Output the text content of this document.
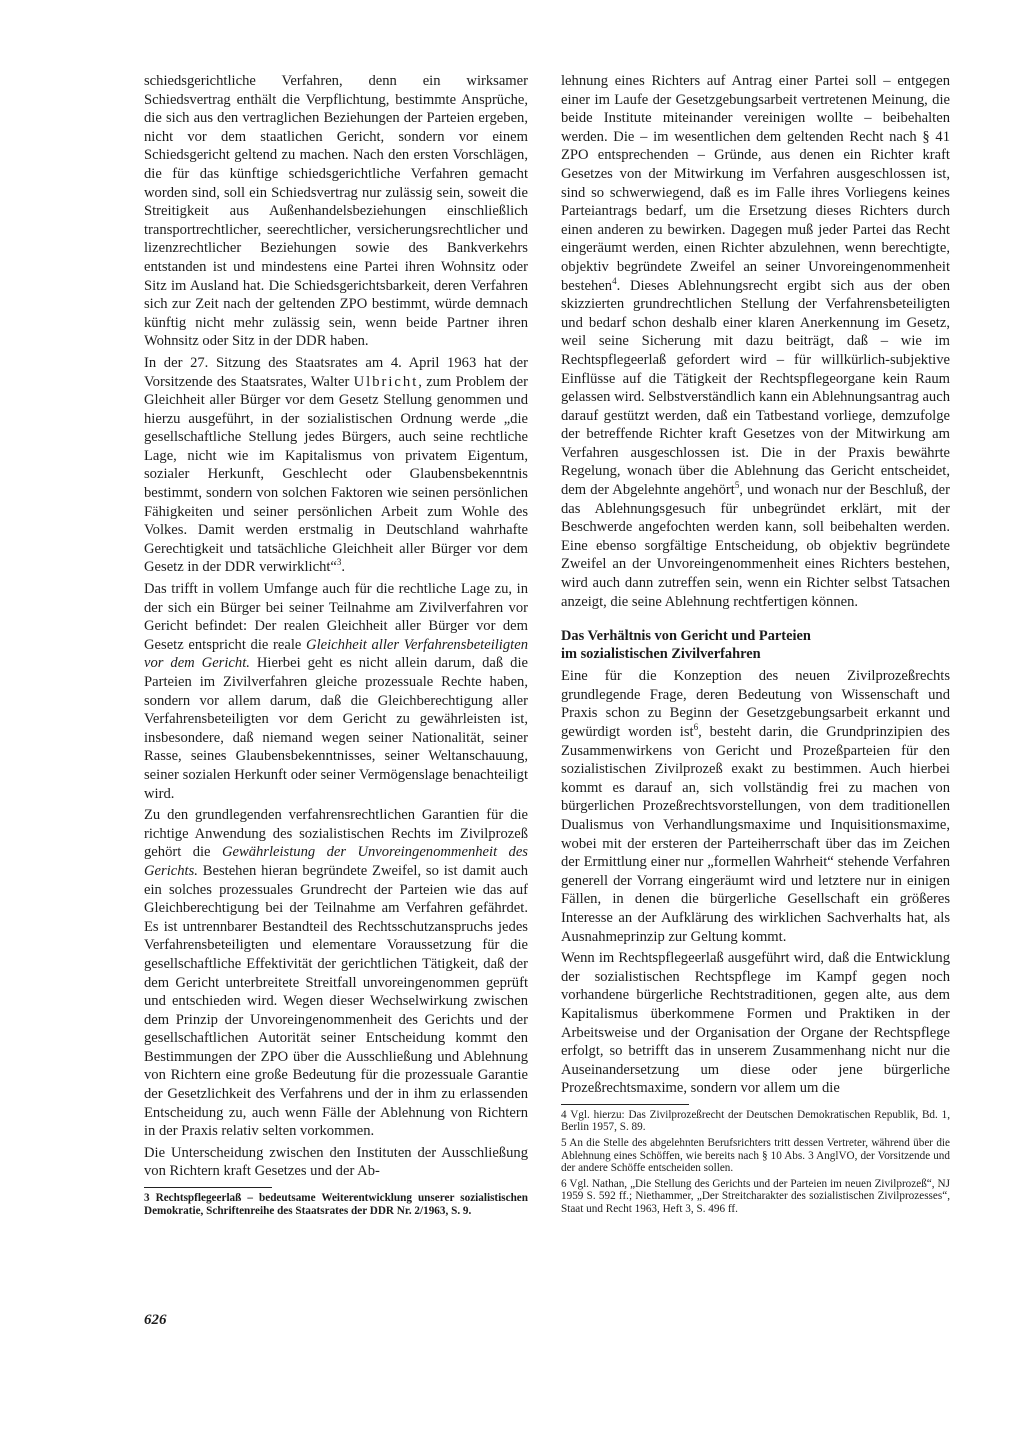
schiedsgerichtliche Verfahren, denn ein wirksamer Schiedsvertrag enthält die Verpflichtung, bestimmte Ansprüche, die sich aus den vertraglichen Beziehungen der Parteien ergeben, nicht vor dem staatlichen Gericht, sondern vor einem Schiedsgericht geltend zu machen. Nach den ersten Vorschlägen, die für das künftige schiedsgerichtliche Verfahren gemacht worden sind, soll ein Schiedsvertrag nur zulässig sein, soweit die Streitigkeit aus Außenhandelsbeziehungen einschließlich transportrechtlicher, seerechtlicher, versicherungsrechtlicher und lizenzrechtlicher Beziehungen sowie des Bankverkehrs entstanden ist und mindestens eine Partei ihren Wohnsitz oder Sitz im Ausland hat. Die Schiedsgerichtsbarkeit, deren Verfahren sich zur Zeit nach der geltenden ZPO bestimmt, würde demnach künftig nicht mehr zulässig sein, wenn beide Partner ihren Wohnsitz oder Sitz in der DDR haben.

In der 27. Sitzung des Staatsrates am 4. April 1963 hat der Vorsitzende des Staatsrates, Walter Ulbricht, zum Problem der Gleichheit aller Bürger vor dem Gesetz Stellung genommen und hierzu ausgeführt, in der sozialistischen Ordnung werde „die gesellschaftliche Stellung jedes Bürgers, auch seine rechtliche Lage, nicht wie im Kapitalismus von privatem Eigentum, sozialer Herkunft, Geschlecht oder Glaubensbekenntnis bestimmt, sondern von solchen Faktoren wie seinen persönlichen Fähigkeiten und seiner persönlichen Arbeit zum Wohle des Volkes. Damit werden erstmalig in Deutschland wahrhafte Gerechtigkeit und tatsächliche Gleichheit aller Bürger vor dem Gesetz in der DDR verwirklicht“$^3$.

Das trifft in vollem Umfange auch für die rechtliche Lage zu, in der sich ein Bürger bei seiner Teilnahme am Zivilverfahren vor Gericht befindet: Der realen Gleichheit aller Bürger vor dem Gesetz entspricht die reale Gleichheit aller Verfahrensbeteiligten vor dem Gericht. Hierbei geht es nicht allein darum, daß die Parteien im Zivilverfahren gleiche prozessuale Rechte haben, sondern vor allem darum, daß die Gleichberechtigung aller Verfahrensbeteiligten vor dem Gericht zu gewährleisten ist, insbesondere, daß niemand wegen seiner Nationalität, seiner Rasse, seines Glaubensbekenntnisses, seiner Weltanschauung, seiner sozialen Herkunft oder seiner Vermögenslage benachteiligt wird.

Zu den grundlegenden verfahrensrechtlichen Garantien für die richtige Anwendung des sozialistischen Rechts im Zivilprozeß gehört die Gewährleistung der Unvoreingenommenheit des Gerichts. Bestehen hieran begründete Zweifel, so ist damit auch ein solches prozessuales Grundrecht der Parteien wie das auf Gleichberechtigung bei der Teilnahme am Verfahren gefährdet. Es ist untrennbarer Bestandteil des Rechtsschutzanspruchs jedes Verfahrensbeteiligten und elementare Voraussetzung für die gesellschaftliche Effektivität der gerichtlichen Tätigkeit, daß der dem Gericht unterbreitete Streitfall unvoreingenommen geprüft und entschieden wird. Wegen dieser Wechselwirkung zwischen dem Prinzip der Unvoreingenommenheit des Gerichts und der gesellschaftlichen Autorität seiner Entscheidung kommt den Bestimmungen der ZPO über die Ausschließung und Ablehnung von Richtern eine große Bedeutung für die prozessuale Garantie der Gesetzlichkeit des Verfahrens und der in ihm zu erlassenden Entscheidung zu, auch wenn Fälle der Ablehnung von Richtern in der Praxis relativ selten vorkommen.

Die Unterscheidung zwischen den Instituten der Ausschließung von Richtern kraft Gesetzes und der Ab-

3 Rechtspflegeerlaß – bedeutsame Weiterentwicklung unserer sozialistischen Demokratie, Schriftenreihe des Staatsrates der DDR Nr. 2/1963, S. 9.

lehnung eines Richters auf Antrag einer Partei soll – entgegen einer im Laufe der Gesetzgebungsarbeit vertretenen Meinung, die beide Institute miteinander vereinigen wollte – beibehalten werden. Die – im wesentlichen dem geltenden Recht nach § 41 ZPO entsprechenden – Gründe, aus denen ein Richter kraft Gesetzes von der Mitwirkung im Verfahren ausgeschlossen ist, sind so schwerwiegend, daß es im Falle ihres Vorliegens keines Parteiantrags bedarf, um die Ersetzung dieses Richters durch einen anderen zu bewirken. Dagegen muß jeder Partei das Recht eingeräumt werden, einen Richter abzulehnen, wenn berechtigte, objektiv begründete Zweifel an seiner Unvoreingenommenheit bestehen$^4$. Dieses Ablehnungsrecht ergibt sich aus der oben skizzierten grundrechtlichen Stellung der Verfahrensbeteiligten und bedarf schon deshalb einer klaren Anerkennung im Gesetz, weil seine Sicherung mit dazu beiträgt, daß – wie im Rechtspflegeerlaß gefordert wird – für willkürlich-subjektive Einflüsse auf die Tätigkeit der Rechtspflegeorgane kein Raum gelassen wird. Selbstverständlich kann ein Ablehnungsantrag auch darauf gestützt werden, daß ein Tatbestand vorliege, demzufolge der betreffende Richter kraft Gesetzes von der Mitwirkung am Verfahren ausgeschlossen ist. Die in der Praxis bewährte Regelung, wonach über die Ablehnung das Gericht entscheidet, dem der Abgelehnte angehört$^5$, und wonach nur der Beschluß, der das Ablehnungsgesuch für unbegründet erklärt, mit der Beschwerde angefochten werden kann, soll beibehalten werden. Eine ebenso sorgfältige Entscheidung, ob objektiv begründete Zweifel an der Unvoreingenommenheit eines Richters bestehen, wird auch dann zutreffen sein, wenn ein Richter selbst Tatsachen anzeigt, die seine Ablehnung rechtfertigen können.

Das Verhältnis von Gericht und Parteien
im sozialistischen Zivilverfahren

Eine für die Konzeption des neuen Zivilprozeßrechts grundlegende Frage, deren Bedeutung von Wissenschaft und Praxis schon zu Beginn der Gesetzgebungsarbeit erkannt und gewürdigt worden ist$^6$, besteht darin, die Grundprinzipien des Zusammenwirkens von Gericht und Prozeßparteien für den sozialistischen Zivilprozeß exakt zu bestimmen. Auch hierbei kommt es darauf an, sich vollständig frei zu machen von bürgerlichen Prozeßrechtsvorstellungen, von dem traditionellen Dualismus von Verhandlungsmaxime und Inquisitionsmaxime, wobei mit der ersteren der Parteiherrschaft über das im Zeichen der Ermittlung einer nur „formellen Wahrheit“ stehende Verfahren generell der Vorrang eingeräumt wird und letztere nur in einigen Fällen, in denen die bürgerliche Gesellschaft ein größeres Interesse an der Aufklärung des wirklichen Sachverhalts hat, als Ausnahmeprinzip zur Geltung kommt.

Wenn im Rechtspflegeerlaß ausgeführt wird, daß die Entwicklung der sozialistischen Rechtspflege im Kampf gegen noch vorhandene bürgerliche Rechtstraditionen, gegen alte, aus dem Kapitalismus überkommene Formen und Praktiken in der Arbeitsweise und der Organisation der Organe der Rechtspflege erfolgt, so betrifft das in unserem Zusammenhang nicht nur die Auseinandersetzung um diese oder jene bürgerliche Prozeßrechtsmaxime, sondern vor allem um die

4 Vgl. hierzu: Das Zivilprozeßrecht der Deutschen Demokratischen Republik, Bd. 1, Berlin 1957, S. 89.

5 An die Stelle des abgelehnten Berufsrichters tritt dessen Vertreter, während über die Ablehnung eines Schöffen, wie bereits nach § 10 Abs. 3 AnglVO, der Vorsitzende und der andere Schöffe entscheiden sollen.

6 Vgl. Nathan, „Die Stellung des Gerichts und der Parteien im neuen Zivilprozeß“, NJ 1959 S. 592 ff.; Niethammer, „Der Streitcharakter des sozialistischen Zivilprozesses“, Staat und Recht 1963, Heft 3, S. 496 ff.

626
